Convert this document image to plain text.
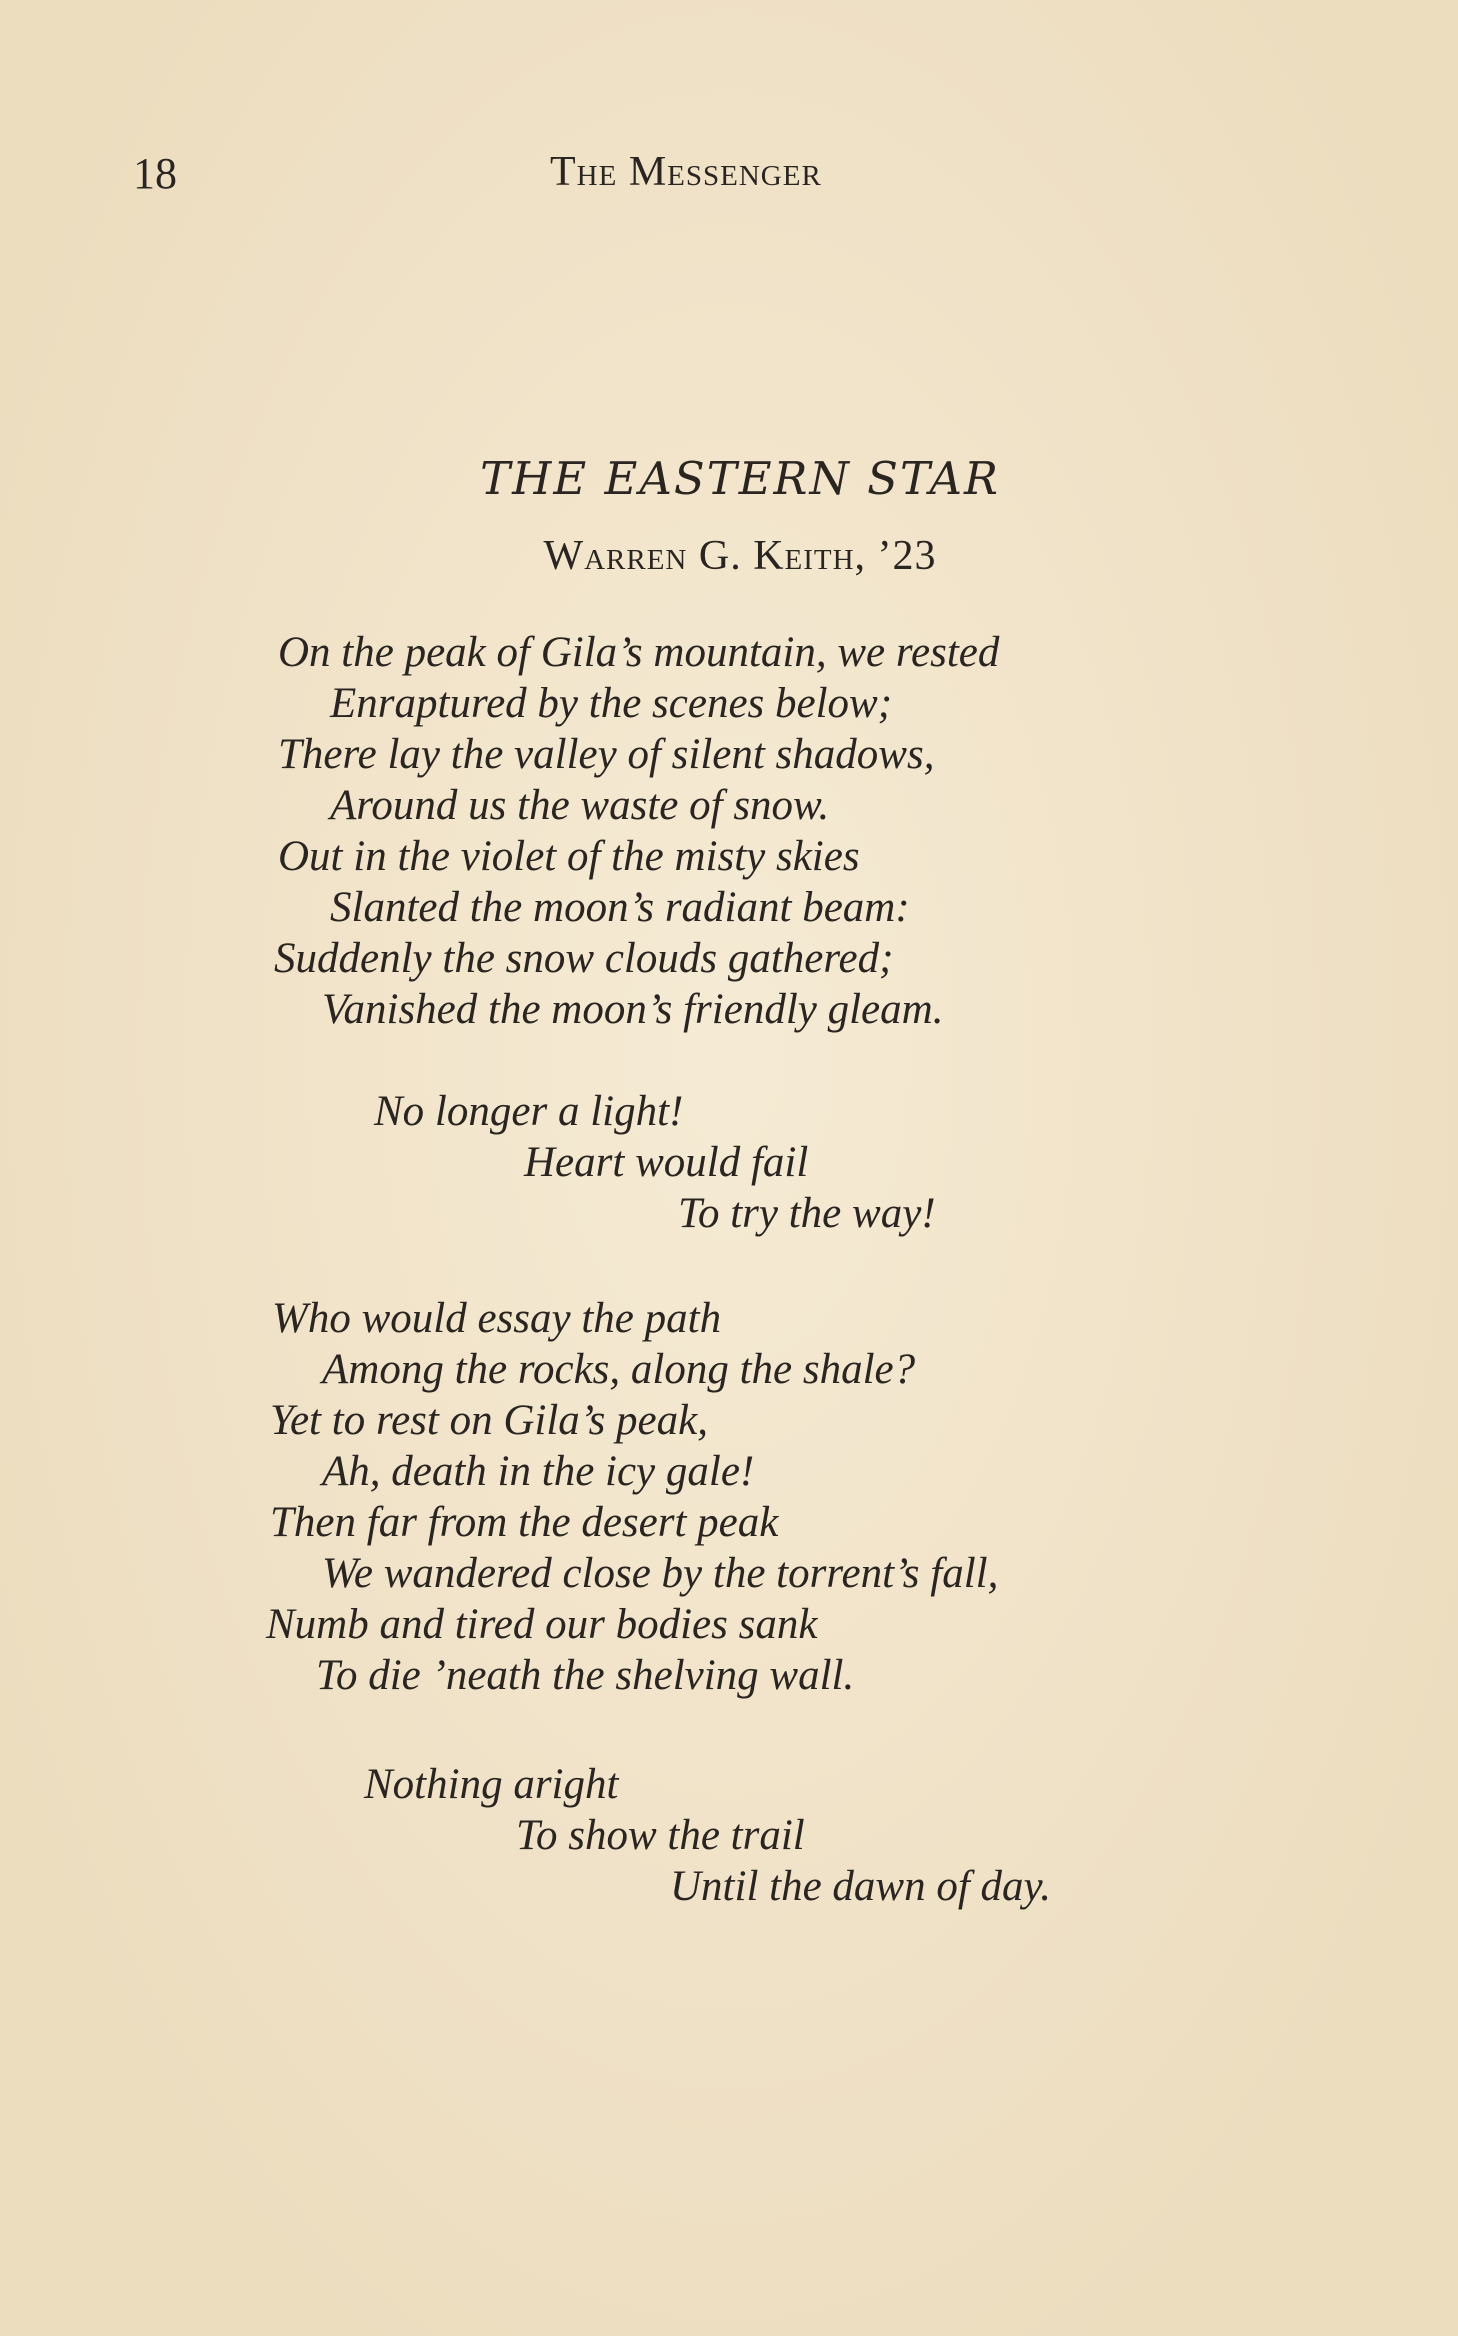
18	The Messenger
THE EASTERN STAR
Warren G. Keith, ’23
On the peak of Gila’s mountain, we rested
Enraptured by the scenes below;
There lay the valley of silent shadows,
Around us the waste of snow.
Out in the violet of the misty skies
Slanted the moon’s radiant beam:
Suddenly the snow clouds gathered;
Vanished the moon’s friendly gleam.
No longer a light!
Heart would fail
To try the way!
Who would essay the path
Among the rocks, along the shale?
Yet to rest on Gila’s peak,
Ah, death in the icy gale!
Then far from the desert peak
We wandered close by the torrent’s fall,
Numb and tired our bodies sank
To die ’neath the shelving wall.
Nothing aright
To show the trail
Until the dawn of day.
